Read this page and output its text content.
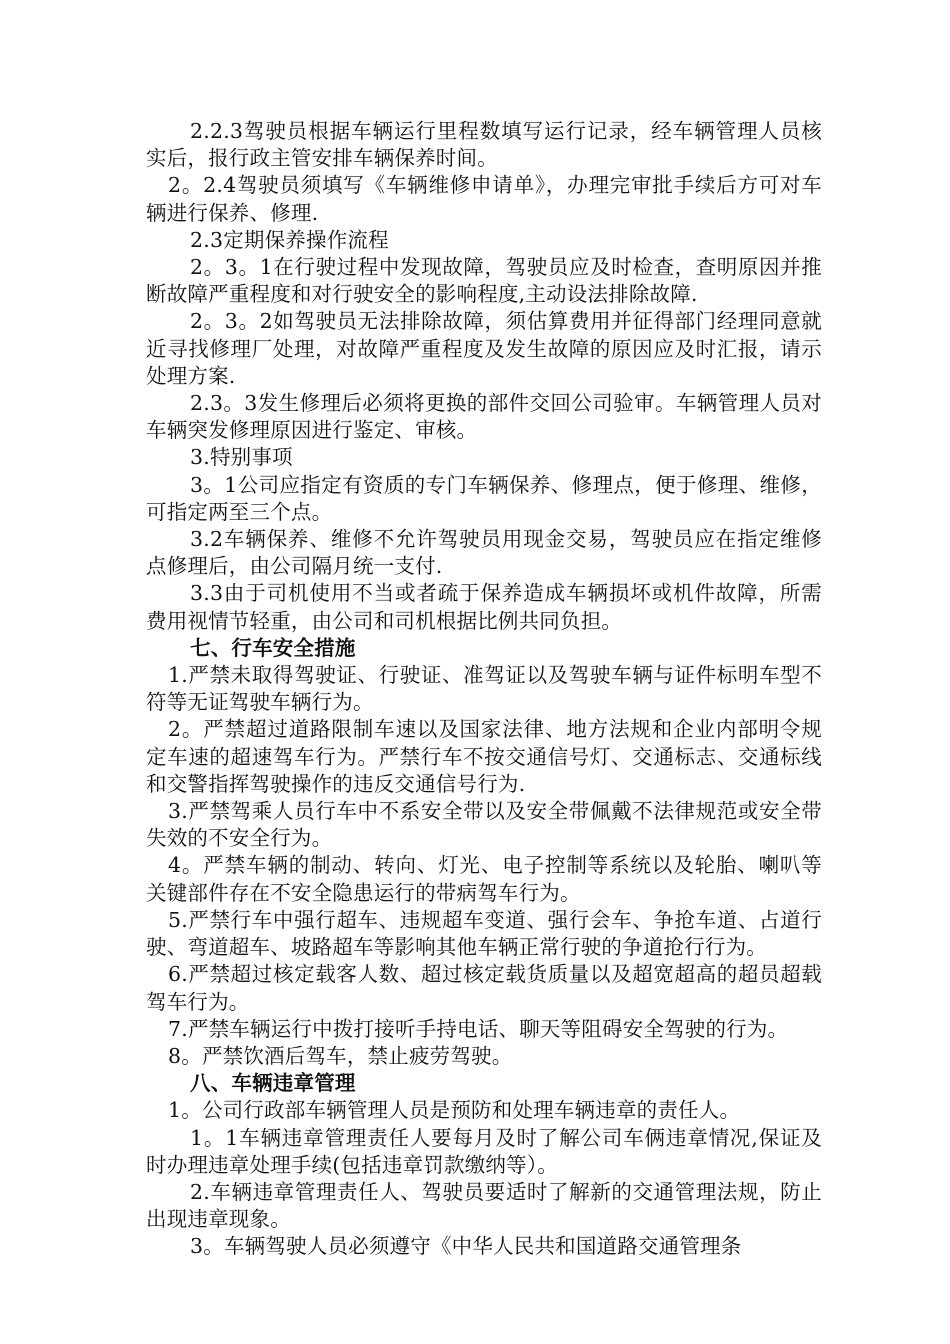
2.2.3驾驶员根据车辆运行里程数填写运行记录，经车辆管理人员核实后，报行政主管安排车辆保养时间。

2。2.4驾驶员须填写《车辆维修申请单》，办理完审批手续后方可对车辆进行保养、修理.

2.3定期保养操作流程

2。3。1在行驶过程中发现故障，驾驶员应及时检查，查明原因并推断故障严重程度和对行驶安全的影响程度,主动设法排除故障.

2。3。2如驾驶员无法排除故障，须估算费用并征得部门经理同意就近寻找修理厂处理，对故障严重程度及发生故障的原因应及时汇报，请示处理方案.

2.3。3发生修理后必须将更换的部件交回公司验审。车辆管理人员对车辆突发修理原因进行鉴定、审核。

3.特别事项

3。1公司应指定有资质的专门车辆保养、修理点，便于修理、维修，可指定两至三个点。

3.2车辆保养、维修不允许驾驶员用现金交易，驾驶员应在指定维修点修理后，由公司隔月统一支付.

3.3由于司机使用不当或者疏于保养造成车辆损坏或机件故障，所需费用视情节轻重，由公司和司机根据比例共同负担。

七、行车安全措施

1.严禁未取得驾驶证、行驶证、准驾证以及驾驶车辆与证件标明车型不符等无证驾驶车辆行为。

2。严禁超过道路限制车速以及国家法律、地方法规和企业内部明令规定车速的超速驾车行为。严禁行车不按交通信号灯、交通标志、交通标线和交警指挥驾驶操作的违反交通信号行为.

3.严禁驾乘人员行车中不系安全带以及安全带佩戴不法律规范或安全带失效的不安全行为。

4。严禁车辆的制动、转向、灯光、电子控制等系统以及轮胎、喇叭等关键部件存在不安全隐患运行的带病驾车行为。

5.严禁行车中强行超车、违规超车变道、强行会车、争抢车道、占道行驶、弯道超车、坡路超车等影响其他车辆正常行驶的争道抢行行为。

6.严禁超过核定载客人数、超过核定载货质量以及超宽超高的超员超载驾车行为。

7.严禁车辆运行中拨打接听手持电话、聊天等阻碍安全驾驶的行为。

8。严禁饮酒后驾车，禁止疲劳驾驶。

八、车辆违章管理

1。公司行政部车辆管理人员是预防和处理车辆违章的责任人。

1。1车辆违章管理责任人要每月及时了解公司车俩违章情况,保证及时办理违章处理手续(包括违章罚款缴纳等）。

2.车辆违章管理责任人、驾驶员要适时了解新的交通管理法规，防止出现违章现象。

3。车辆驾驶人员必须遵守《中华人民共和国道路交通管理条
